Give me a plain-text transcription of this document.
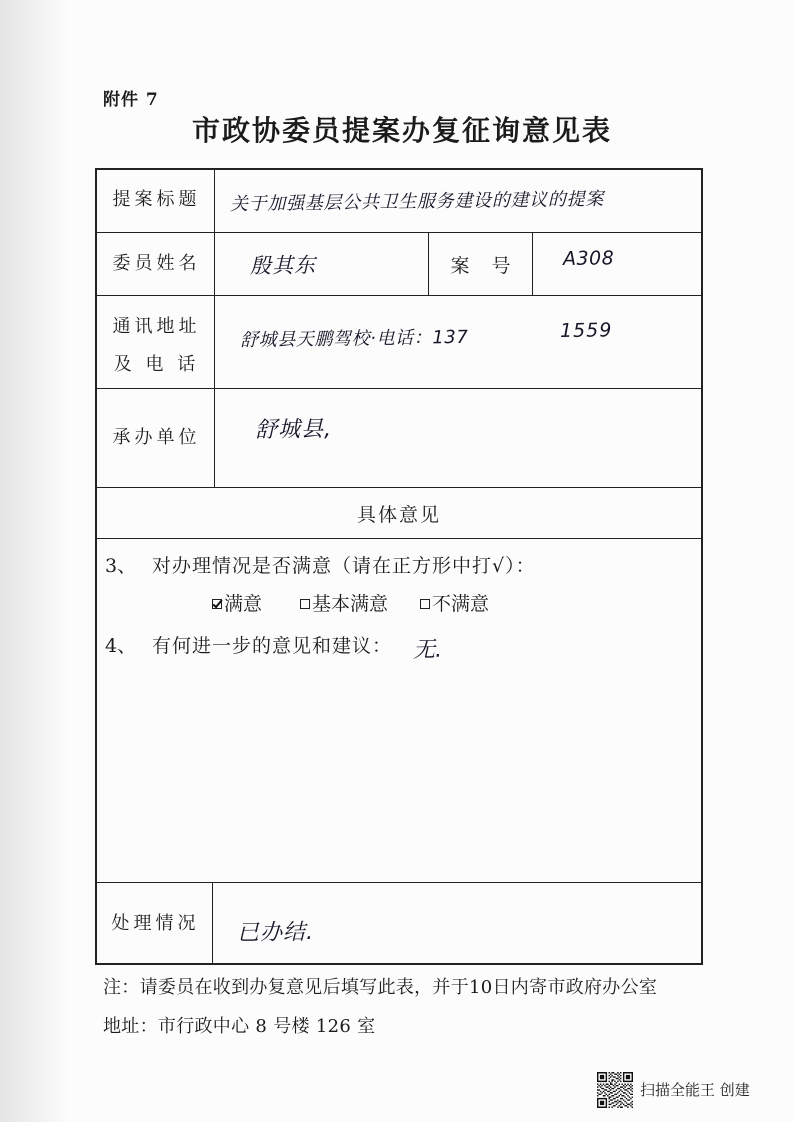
附件 7
市政协委员提案办复征询意见表
提案标题 关于加强基层公共卫生服务建设的建议的提案
委员姓名 殷其东	案 号 A308
通讯地址
及 电 话
舒城县天鹏驾校·电话：137	1559
承办单位 舒城县,
具体意见
3、 对办理情况是否满意（请在正方形中打√）：
满意	基本满意 不满意
4、 有何进一步的意见和建议： 无.
处理情况 已办结.
注：请委员在收到办复意见后填写此表，并于10日内寄市政府办公室
地址：市行政中心 8 号楼 126 室
扫描全能王 创建
